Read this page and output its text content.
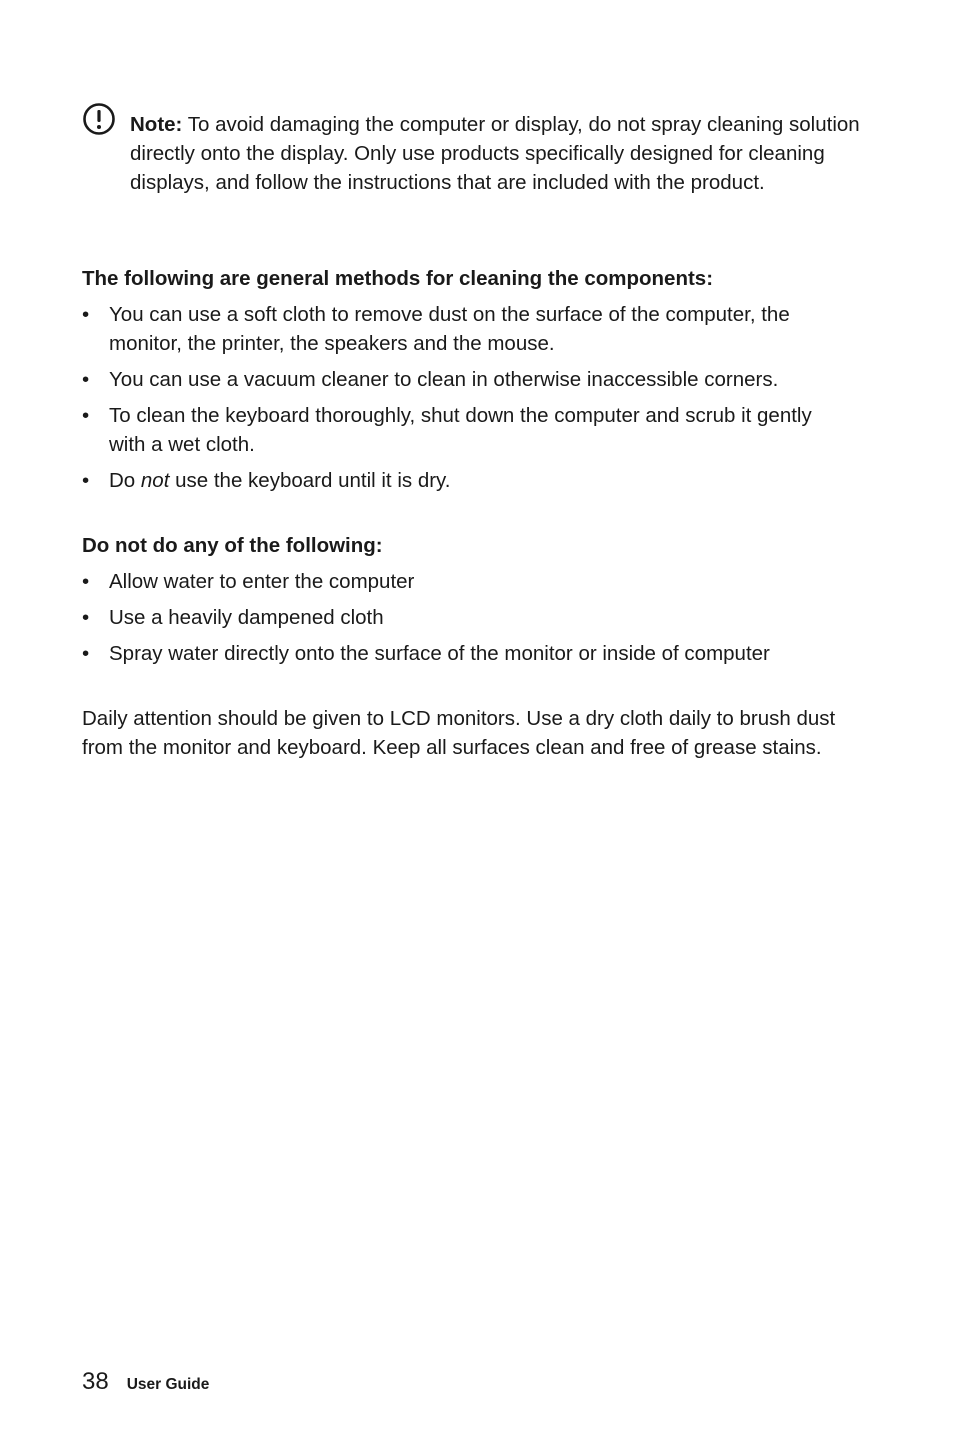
Note: To avoid damaging the computer or display, do not spray cleaning solution directly onto the display. Only use products specifically designed for cleaning displays, and follow the instructions that are included with the product.
The following are general methods for cleaning the components:
• You can use a soft cloth to remove dust on the surface of the computer, the monitor, the printer, the speakers and the mouse.
• You can use a vacuum cleaner to clean in otherwise inaccessible corners.
• To clean the keyboard thoroughly, shut down the computer and scrub it gently with a wet cloth.
• Do not use the keyboard until it is dry.
Do not do any of the following:
• Allow water to enter the computer
• Use a heavily dampened cloth
• Spray water directly onto the surface of the monitor or inside of computer
Daily attention should be given to LCD monitors. Use a dry cloth daily to brush dust from the monitor and keyboard. Keep all surfaces clean and free of grease stains.
38 User Guide
